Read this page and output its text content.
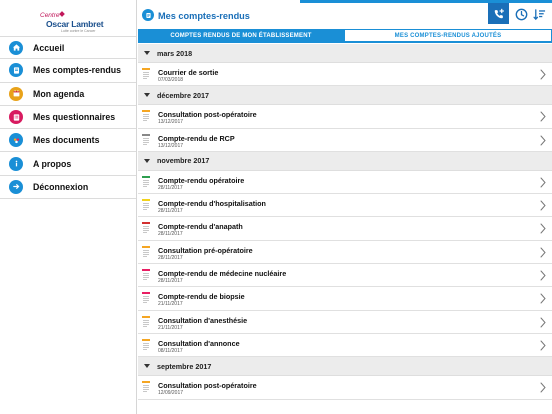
Centre
Oscar Lambret
Lutte contre le Cancer
Accueil
Mes comptes-rendus
Mon agenda
Mes questionnaires
Mes documents
A propos
Déconnexion
Mes comptes-rendus
COMPTES RENDUS DE MON ÉTABLISSEMENT	MES COMPTES-RENDUS AJOUTÉS
mars 2018
Courrier de sortie
07/03/2018
décembre 2017
Consultation post-opératoire
13/12/2017
Compte-rendu de RCP
13/12/2017
novembre 2017
Compte-rendu opératoire
28/11/2017
Compte-rendu d'hospitalisation
28/11/2017
Compte-rendu d'anapath
28/11/2017
Consultation pré-opératoire
28/11/2017
Compte-rendu de médecine nucléaire
28/11/2017
Compte-rendu de biopsie
21/11/2017
Consultation d'anesthésie
21/11/2017
Consultation d'annonce
08/11/2017
septembre 2017
Consultation post-opératoire
12/09/2017
